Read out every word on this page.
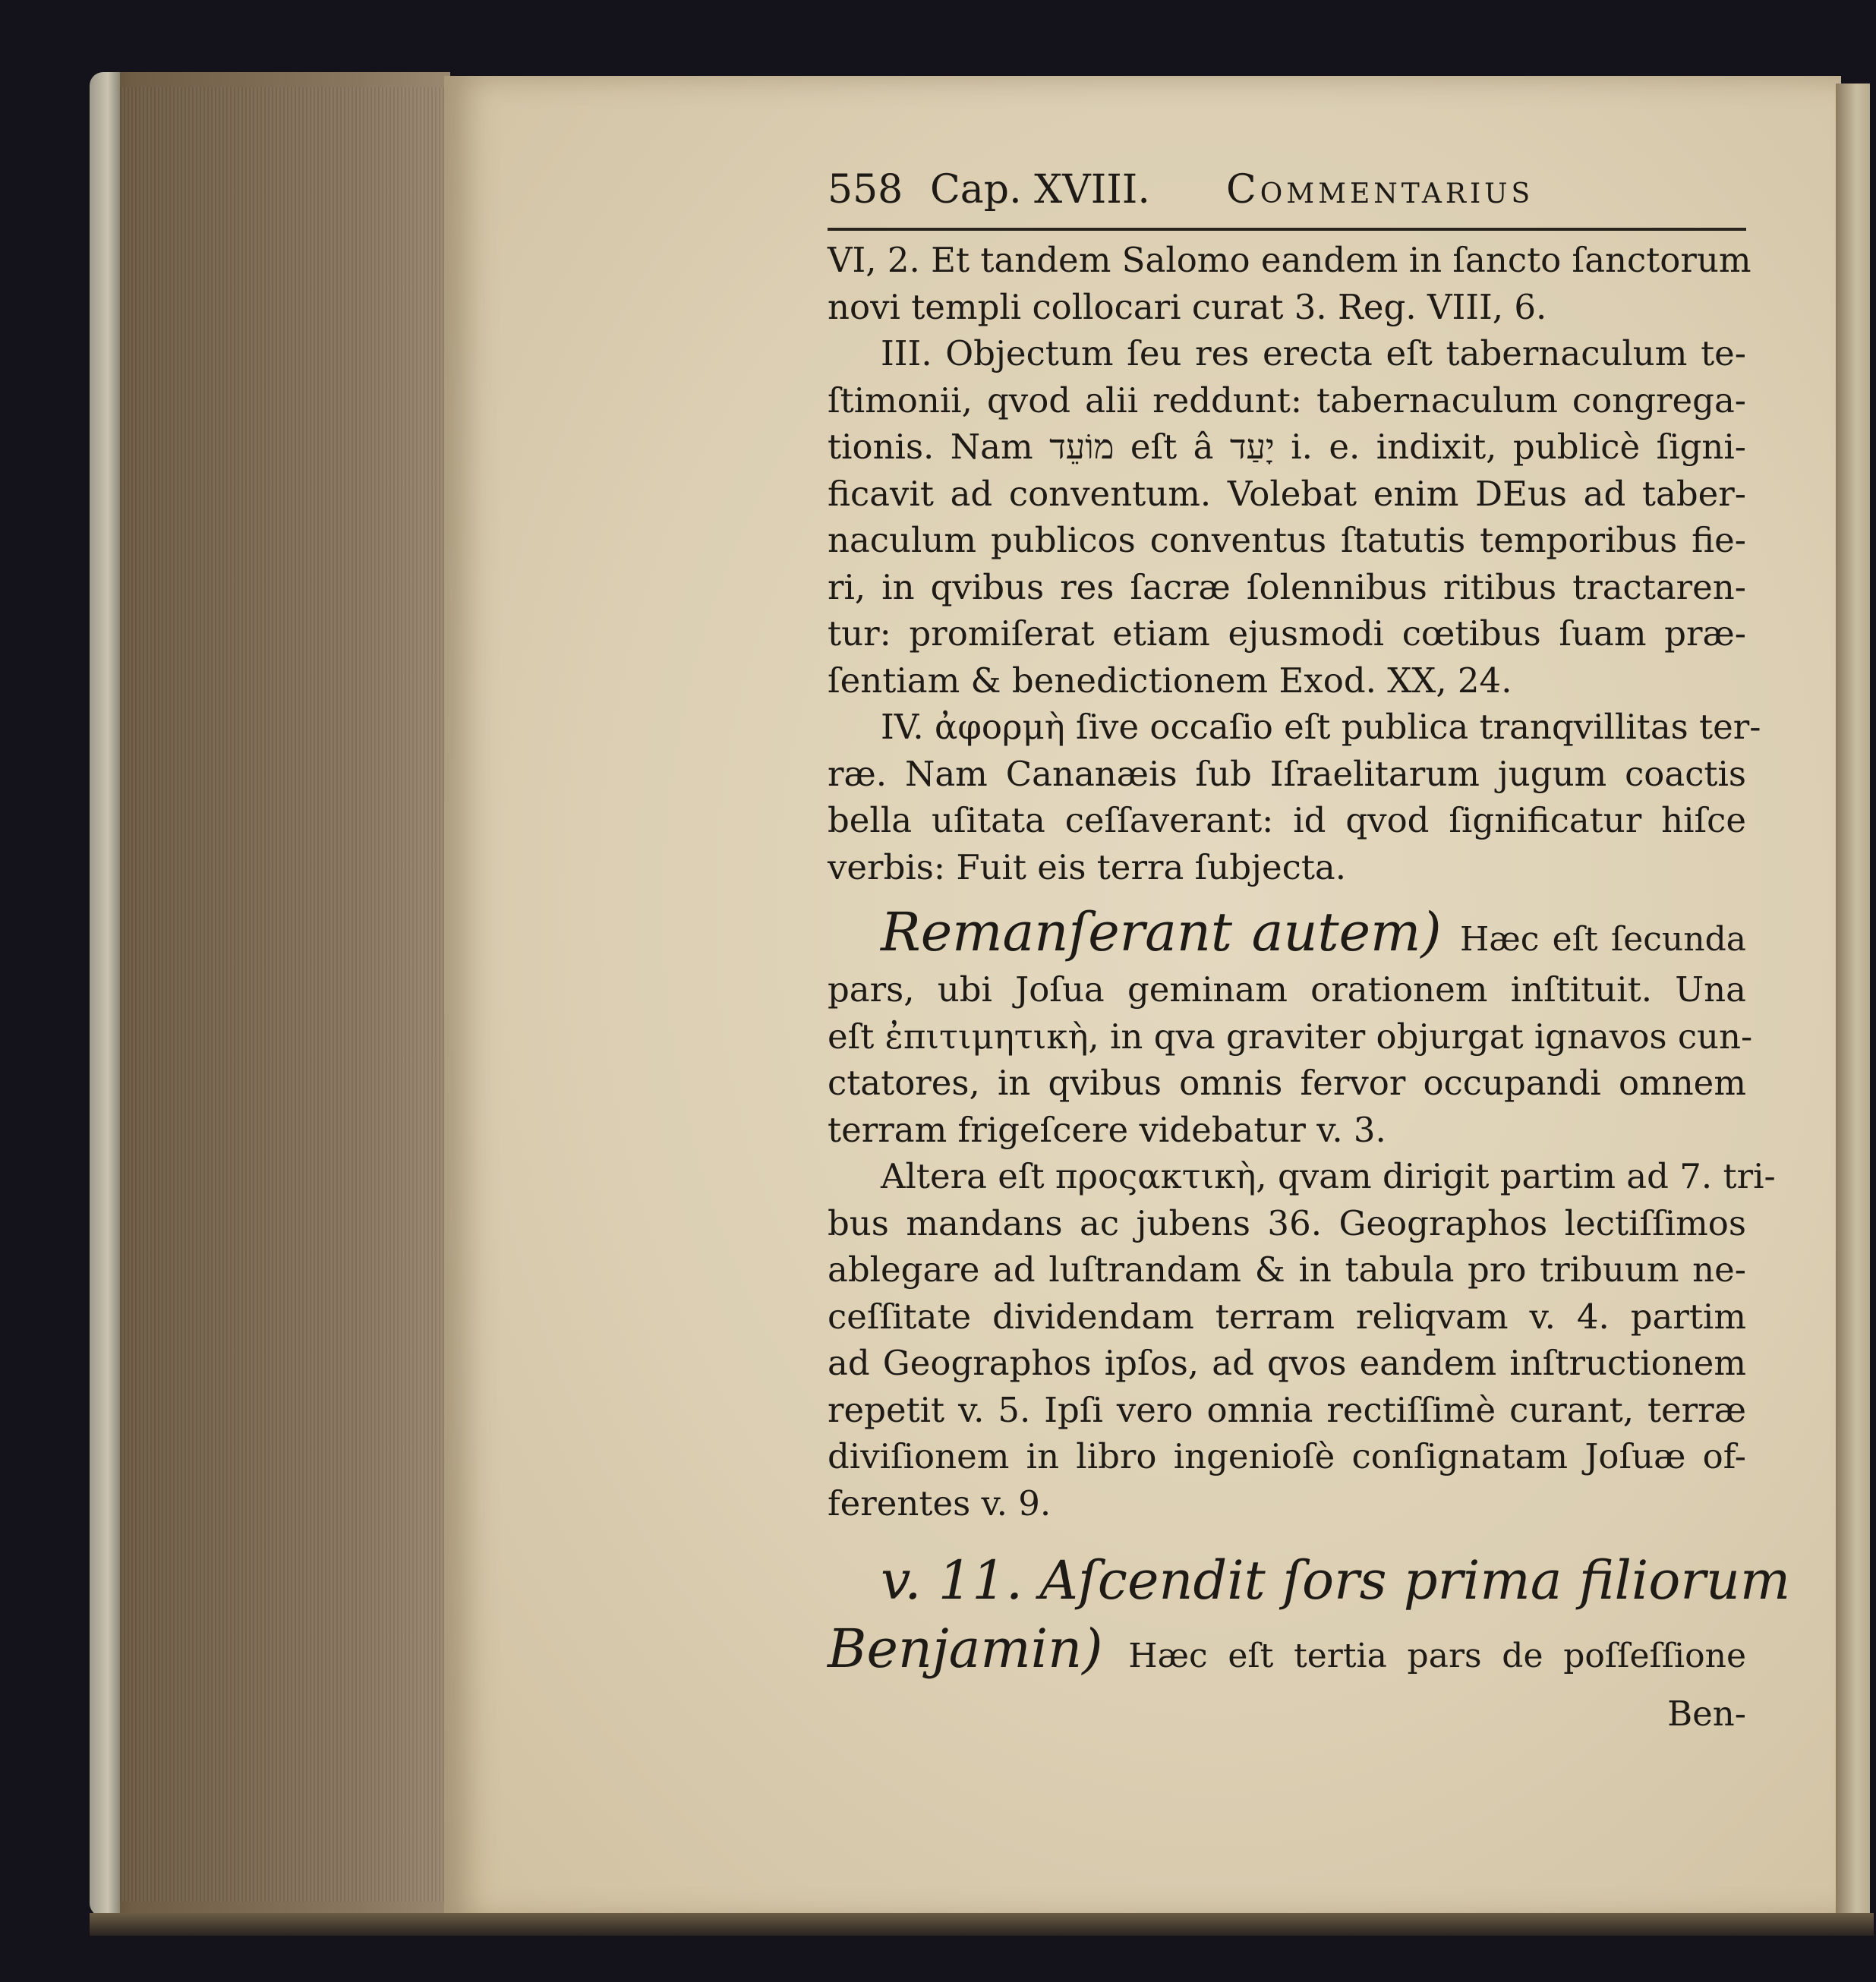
558 Cap. XVIII.	Commentarius
VI, 2. Et tandem Salomo eandem in ſancto ſanctorum
novi templi collocari curat 3. Reg. VIII, 6.
III. Objectum ſeu res erecta eſt tabernaculum te-
ſtimonii, qvod alii reddunt: tabernaculum congrega-
tionis. Nam מוֹעֵד eſt â יָעַד i. e. indixit, publicè ſigni-
ficavit ad conventum. Volebat enim DEus ad taber-
naculum publicos conventus ſtatutis temporibus fie-
ri, in qvibus res ſacræ ſolennibus ritibus tractaren-
tur: promiſerat etiam ejusmodi cœtibus ſuam præ-
ſentiam & benedictionem Exod. XX, 24.
IV. ἀφορμὴ ſive occaſio eſt publica tranqvillitas ter-
ræ. Nam Cananæis ſub Iſraelitarum jugum coactis
bella uſitata ceſſaverant: id qvod ſignificatur hiſce
verbis: Fuit eis terra ſubjecta.
Remanſerant autem) Hæc eſt ſecunda
pars, ubi Joſua geminam orationem inſtituit. Una
eſt ἐπιτιμητικὴ, in qva graviter objurgat ignavos cun-
ctatores, in qvibus omnis fervor occupandi omnem
terram frigeſcere videbatur v. 3.
Altera eſt προςακτικὴ, qvam dirigit partim ad 7. tri-
bus mandans ac jubens 36. Geographos lectiſſimos
ablegare ad luſtrandam & in tabula pro tribuum ne-
ceſſitate dividendam terram reliqvam v. 4. partim
ad Geographos ipſos, ad qvos eandem inſtructionem
repetit v. 5. Ipſi vero omnia rectiſſimè curant, terræ
diviſionem in libro ingenioſè conſignatam Joſuæ of-
ferentes v. 9.
v. 11. Aſcendit ſors prima filiorum
Benjamin) Hæc eſt tertia pars de poſſeſſione
Ben-
